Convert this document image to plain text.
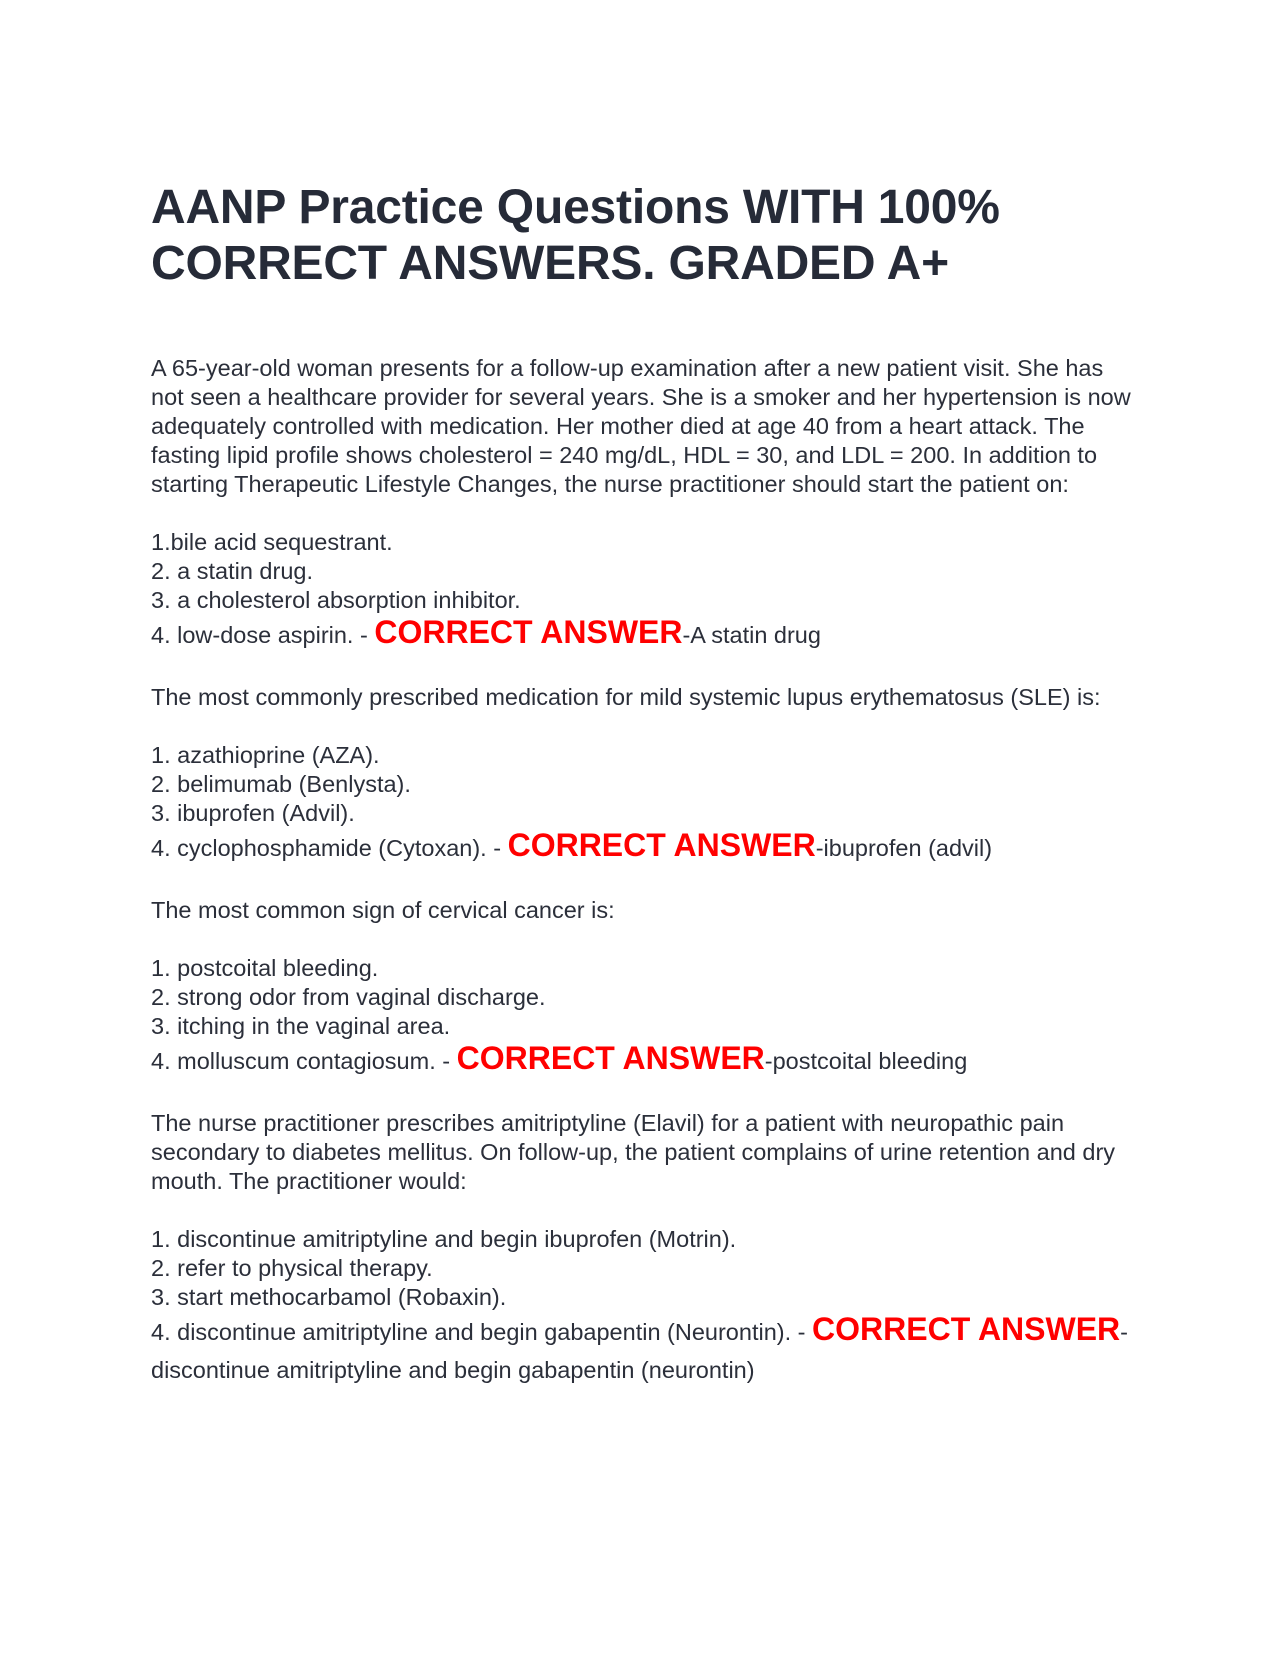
AANP Practice Questions WITH 100% CORRECT ANSWERS. GRADED A+

A 65-year-old woman presents for a follow-up examination after a new patient visit. She has not seen a healthcare provider for several years. She is a smoker and her hypertension is now adequately controlled with medication. Her mother died at age 40 from a heart attack. The fasting lipid profile shows cholesterol = 240 mg/dL, HDL = 30, and LDL = 200. In addition to starting Therapeutic Lifestyle Changes, the nurse practitioner should start the patient on:

1.bile acid sequestrant.
2. a statin drug.
3. a cholesterol absorption inhibitor.
4. low-dose aspirin. - CORRECT ANSWER-A statin drug

The most commonly prescribed medication for mild systemic lupus erythematosus (SLE) is:

1. azathioprine (AZA).
2. belimumab (Benlysta).
3. ibuprofen (Advil).
4. cyclophosphamide (Cytoxan). - CORRECT ANSWER-ibuprofen (advil)

The most common sign of cervical cancer is:

1. postcoital bleeding.
2. strong odor from vaginal discharge.
3. itching in the vaginal area.
4. molluscum contagiosum. - CORRECT ANSWER-postcoital bleeding

The nurse practitioner prescribes amitriptyline (Elavil) for a patient with neuropathic pain secondary to diabetes mellitus. On follow-up, the patient complains of urine retention and dry mouth. The practitioner would:

1. discontinue amitriptyline and begin ibuprofen (Motrin).
2. refer to physical therapy.
3. start methocarbamol (Robaxin).
4. discontinue amitriptyline and begin gabapentin (Neurontin). - CORRECT ANSWER-discontinue amitriptyline and begin gabapentin (neurontin)
